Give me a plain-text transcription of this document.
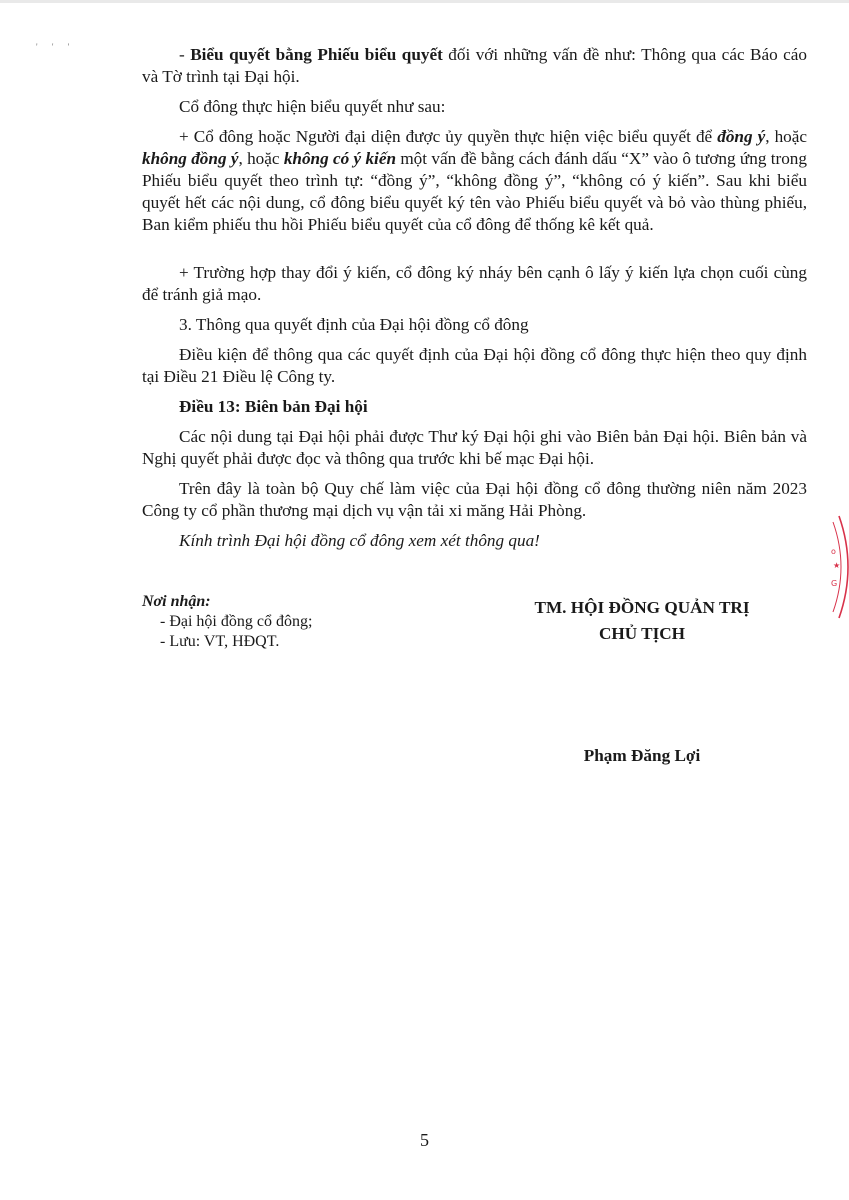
' ' '	- Biểu quyết bằng Phiếu biểu quyết đối với những vấn đề như: Thông qua các Báo cáo và Tờ trình tại Đại hội.

Cổ đông thực hiện biểu quyết như sau:

+ Cổ đông hoặc Người đại diện được ủy quyền thực hiện việc biểu quyết để đồng ý, hoặc không đồng ý, hoặc không có ý kiến một vấn đề bằng cách đánh dấu “X” vào ô tương ứng trong Phiếu biểu quyết theo trình tự: “đồng ý”, “không đồng ý”, “không có ý kiến”. Sau khi biểu quyết hết các nội dung, cổ đông biểu quyết ký tên vào Phiếu biểu quyết và bỏ vào thùng phiếu, Ban kiểm phiếu thu hồi Phiếu biểu quyết của cổ đông để thống kê kết quả.

+ Trường hợp thay đổi ý kiến, cổ đông ký nháy bên cạnh ô lấy ý kiến lựa chọn cuối cùng để tránh giả mạo.

3. Thông qua quyết định của Đại hội đồng cổ đông

Điều kiện để thông qua các quyết định của Đại hội đồng cổ đông thực hiện theo quy định tại Điều 21 Điều lệ Công ty.

Điều 13: Biên bản Đại hội

Các nội dung tại Đại hội phải được Thư ký Đại hội ghi vào Biên bản Đại hội. Biên bản và Nghị quyết phải được đọc và thông qua trước khi bế mạc Đại hội.

Trên đây là toàn bộ Quy chế làm việc của Đại hội đồng cổ đông thường niên năm 2023 Công ty cổ phần thương mại dịch vụ vận tải xi măng Hải Phòng.

Kính trình Đại hội đồng cổ đông xem xét thông qua!

Nơi nhận:
- Đại hội đồng cổ đông;
- Lưu: VT, HĐQT.
TM. HỘI ĐỒNG QUẢN TRỊ
CHỦ TỊCH
Phạm Đăng Lợi
o
★
G
5
